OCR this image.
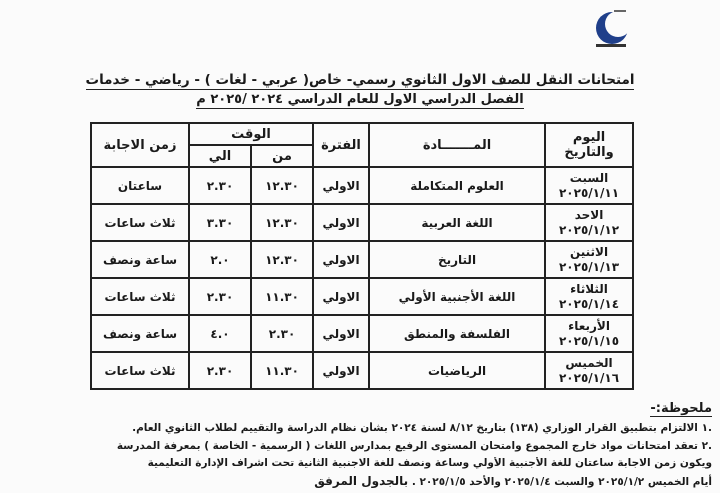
امتحانات النقل للصف الاول الثانوي رسمي- خاص( عربي - لغات ) - رياضي - خدمات
الفصل الدراسي الاول للعام الدراسي ٢٠٢٤ /٢٠٢٥ م
اليوم والتاريخ	المـــــــادة	الفترة	الوقت		زمن الاجابة
			من	الي	

السبت
٢٠٢٥/١/١١	العلوم المتكاملة	الاولي	١٢.٣٠	٢.٣٠	ساعتان

الاحد
٢٠٢٥/١/١٢	اللغة العربية	الاولي	١٢.٣٠	٣.٣٠	ثلاث ساعات

الاثنين
٢٠٢٥/١/١٣	التاريخ	الاولي	١٢.٣٠	٢.٠	ساعة ونصف

الثلاثاء
٢٠٢٥/١/١٤	اللغة الأجنبية الأولي	الاولي	١١.٣٠	٢.٣٠	ثلاث ساعات

الأربعاء
٢٠٢٥/١/١٥	الفلسفة والمنطق	الاولي	٢.٣٠	٤.٠	ساعة ونصف

الخميس
٢٠٢٥/١/١٦	الرياضيات	الاولي	١١.٣٠	٢.٣٠	ثلاث ساعات
ملحوظة:-
.١ الالتزام بتطبيق القرار الوزاري (١٣٨) بتاريخ ٨/١٢ لسنة ٢٠٢٤ بشأن نظام الدراسة والتقييم لطلاب الثانوي العام.
.٢ تعقد امتحانات مواد خارج المجموع وامتحان المستوى الرفيع بمدارس اللغات ( الرسمية - الخاصة ) بمعرفة المدرسة
ويكون زمن الاجابة ساعتان للغة الأجنبية الأولي وساعة ونصف للغة الاجنبية الثانية تحت اشراف الإدارة التعليمية
أيام الخميس ٢٠٢٥/١/٢ والسبت ٢٠٢٥/١/٤ والأحد ٢٠٢٥/١/٥ . بالجدول المرفق
